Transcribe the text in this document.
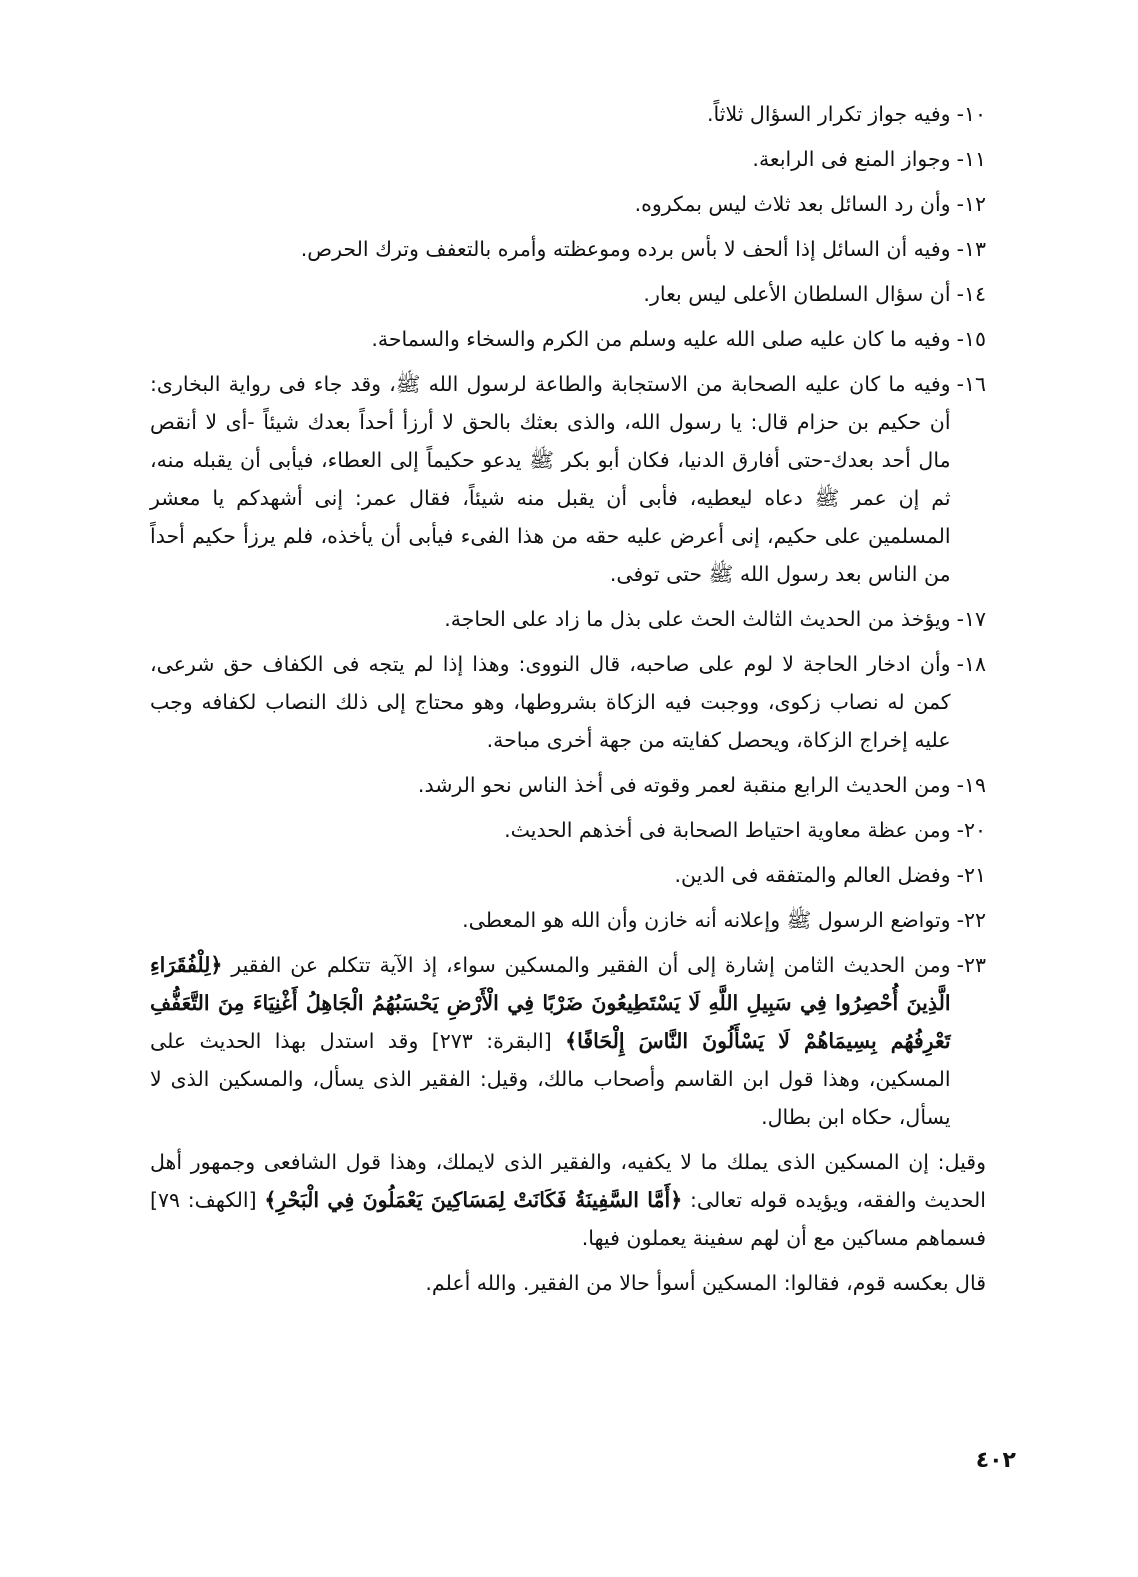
١٠-
وفيه جواز تكرار السؤال ثلاثاً.
١١-
وجواز المنع فى الرابعة.
١٢-
وأن رد السائل بعد ثلاث ليس بمكروه.
١٣-
وفيه أن السائل إذا ألحف لا بأس برده وموعظته وأمره بالتعفف وترك الحرص.
١٤-
أن سؤال السلطان الأعلى ليس بعار.
١٥-
وفيه ما كان عليه صلى الله عليه وسلم من الكرم والسخاء والسماحة.
١٦-
وفيه ما كان عليه الصحابة من الاستجابة والطاعة لرسول الله ﷺ، وقد جاء فى رواية البخارى: أن حكيم بن حزام قال: يا رسول الله، والذى بعثك بالحق لا أرزأ أحداً بعدك شيئاً -أى لا أنقص مال أحد بعدك-حتى أفارق الدنيا، فكان أبو بكر ﷺ يدعو حكيماً إلى العطاء، فيأبى أن يقبله منه، ثم إن عمر ﷺ دعاه ليعطيه، فأبى أن يقبل منه شيئاً، فقال عمر: إنى أشهدكم يا معشر المسلمين على حكيم، إنى أعرض عليه حقه من هذا الفىء فيأبى أن يأخذه، فلم يرزأ حكيم أحداً من الناس بعد رسول الله ﷺ حتى توفى.
١٧-
ويؤخذ من الحديث الثالث الحث على بذل ما زاد على الحاجة.
١٨-
وأن ادخار الحاجة لا لوم على صاحبه، قال النووى: وهذا إذا لم يتجه فى الكفاف حق شرعى، كمن له نصاب زكوى، ووجبت فيه الزكاة بشروطها، وهو محتاج إلى ذلك النصاب لكفافه وجب عليه إخراج الزكاة، ويحصل كفايته من جهة أخرى مباحة.
١٩-
ومن الحديث الرابع منقبة لعمر وقوته فى أخذ الناس نحو الرشد.
٢٠-
ومن عظة معاوية احتياط الصحابة فى أخذهم الحديث.
٢١-
وفضل العالم والمتفقه فى الدين.
٢٢-
وتواضع الرسول ﷺ وإعلانه أنه خازن وأن الله هو المعطى.
٢٣-
ومن الحديث الثامن إشارة إلى أن الفقير والمسكين سواء، إذ الآية تتكلم عن الفقير ﴿لِلْفُقَرَاءِ الَّذِينَ أُحْصِرُوا فِي سَبِيلِ اللَّهِ لَا يَسْتَطِيعُونَ ضَرْبًا فِي الْأَرْضِ يَحْسَبُهُمُ الْجَاهِلُ أَغْنِيَاءَ مِنَ التَّعَفُّفِ تَعْرِفُهُم بِسِيمَاهُمْ لَا يَسْأَلُونَ النَّاسَ إِلْحَافًا﴾ [البقرة: ٢٧٣] وقد استدل بهذا الحديث على المسكين، وهذا قول ابن القاسم وأصحاب مالك، وقيل: الفقير الذى يسأل، والمسكين الذى لا يسأل، حكاه ابن بطال.

وقيل: إن المسكين الذى يملك ما لا يكفيه، والفقير الذى لايملك، وهذا قول الشافعى وجمهور أهل الحديث والفقه، ويؤيده قوله تعالى: ﴿أَمَّا السَّفِينَةُ فَكَانَتْ لِمَسَاكِينَ يَعْمَلُونَ فِي الْبَحْرِ﴾ [الكهف: ٧٩] فسماهم مساكين مع أن لهم سفينة يعملون فيها.

قال بعكسه قوم، فقالوا: المسكين أسوأ حالا من الفقير. والله أعلم.

٤٠٢
